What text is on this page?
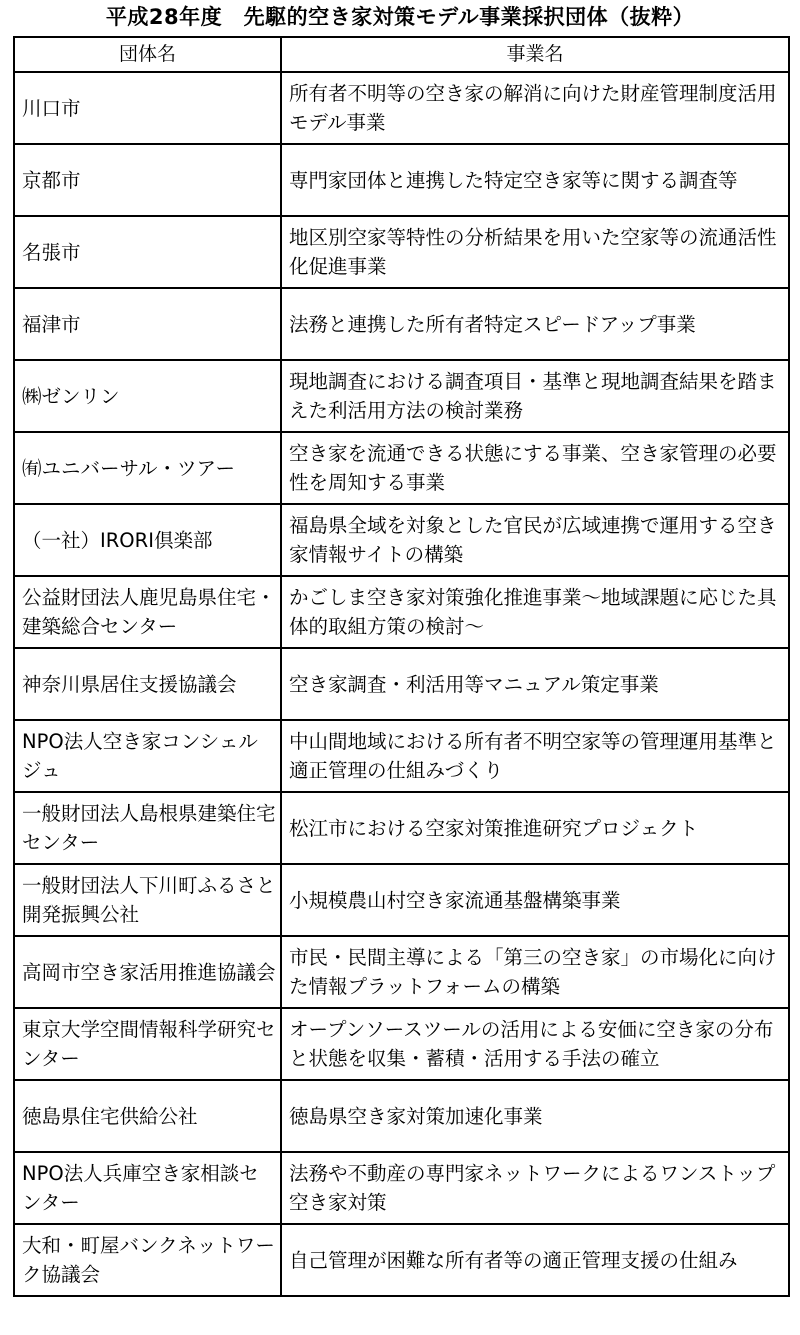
平成28年度　先駆的空き家対策モデル事業採択団体（抜粋）
団体名	事業名
川口市	所有者不明等の空き家の解消に向けた財産管理制度活用モデル事業
京都市	専門家団体と連携した特定空き家等に関する調査等
名張市	地区別空家等特性の分析結果を用いた空家等の流通活性化促進事業
福津市	法務と連携した所有者特定スピードアップ事業
㈱ゼンリン	現地調査における調査項目・基準と現地調査結果を踏まえた利活用方法の検討業務
㈲ユニバーサル・ツアー	空き家を流通できる状態にする事業、空き家管理の必要性を周知する事業
（一社）IRORI倶楽部	福島県全域を対象とした官民が広域連携で運用する空き家情報サイトの構築
公益財団法人鹿児島県住宅・建築総合センター	かごしま空き家対策強化推進事業～地域課題に応じた具体的取組方策の検討～
神奈川県居住支援協議会	空き家調査・利活用等マニュアル策定事業
NPO法人空き家コンシェルジュ	中山間地域における所有者不明空家等の管理運用基準と適正管理の仕組みづくり
一般財団法人島根県建築住宅センター	松江市における空家対策推進研究プロジェクト
一般財団法人下川町ふるさと開発振興公社	小規模農山村空き家流通基盤構築事業
高岡市空き家活用推進協議会	市民・民間主導による「第三の空き家」の市場化に向けた情報プラットフォームの構築
東京大学空間情報科学研究センター	オープンソースツールの活用による安価に空き家の分布と状態を収集・蓄積・活用する手法の確立
徳島県住宅供給公社	徳島県空き家対策加速化事業
NPO法人兵庫空き家相談センター	法務や不動産の専門家ネットワークによるワンストップ空き家対策
大和・町屋バンクネットワーク協議会	自己管理が困難な所有者等の適正管理支援の仕組み
